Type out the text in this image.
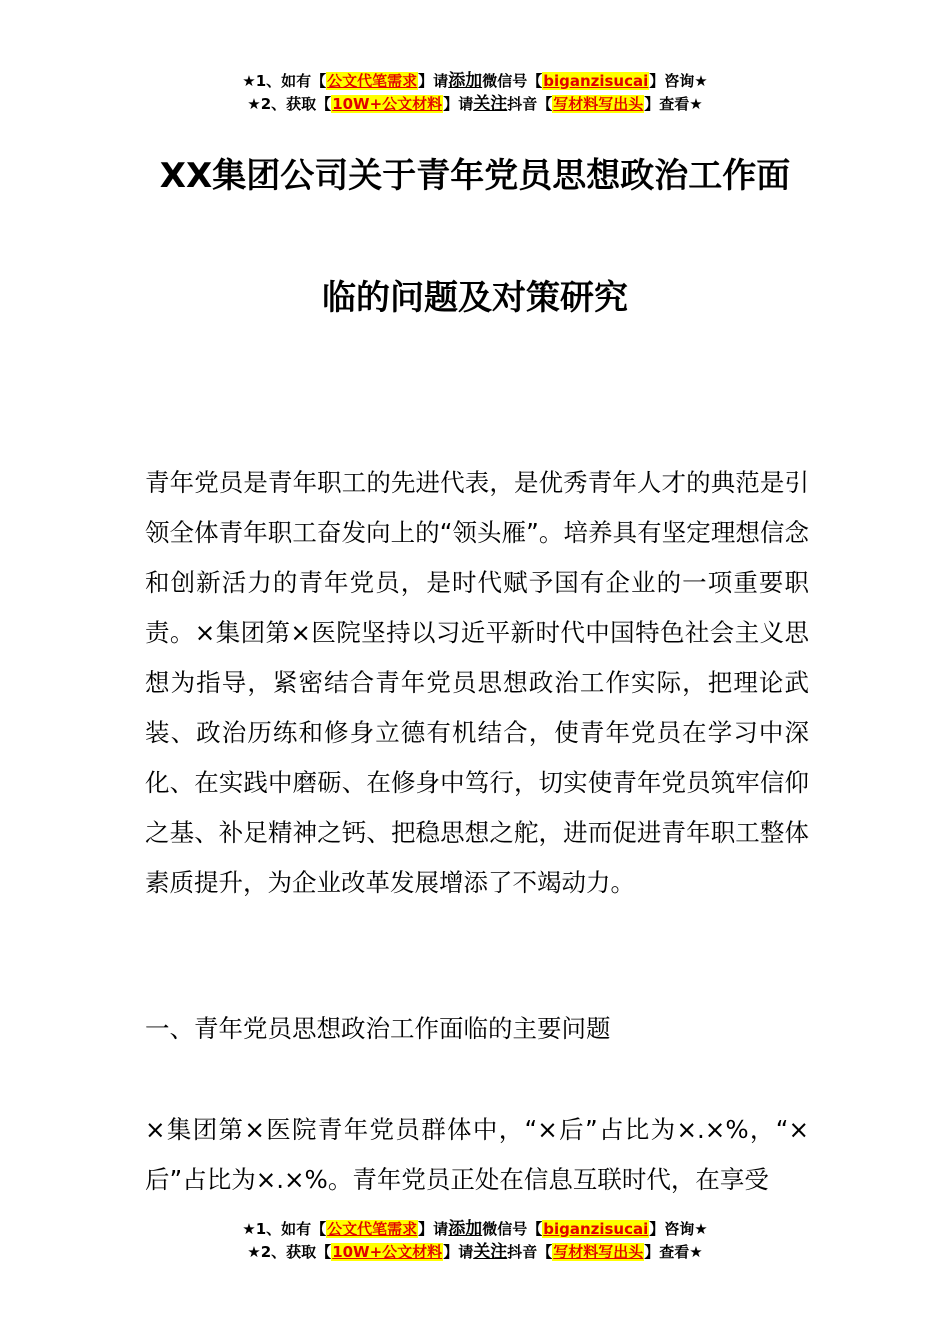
★1、如有【公文代笔需求】请添加微信号【biganzisucai】咨询★
★2、获取【10W+公文材料】请关注抖音【写材料写出头】查看★
XX集团公司关于青年党员思想政治工作面
临的问题及对策研究

青年党员是青年职工的先进代表，是优秀青年人才的典范是引领全体青年职工奋发向上的“领头雁”。培养具有坚定理想信念和创新活力的青年党员，是时代赋予国有企业的一项重要职责。×集团第×医院坚持以习近平新时代中国特色社会主义思想为指导，紧密结合青年党员思想政治工作实际，把理论武装、政治历练和修身立德有机结合，使青年党员在学习中深化、在实践中磨砺、在修身中笃行，切实使青年党员筑牢信仰之基、补足精神之钙、把稳思想之舵，进而促进青年职工整体素质提升，为企业改革发展增添了不竭动力。

一、青年党员思想政治工作面临的主要问题

×集团第×医院青年党员群体中，“×后”占比为×.×%，“×后”占比为×.×%。青年党员正处在信息互联时代，在享受

★1、如有【公文代笔需求】请添加微信号【biganzisucai】咨询★
★2、获取【10W+公文材料】请关注抖音【写材料写出头】查看★
